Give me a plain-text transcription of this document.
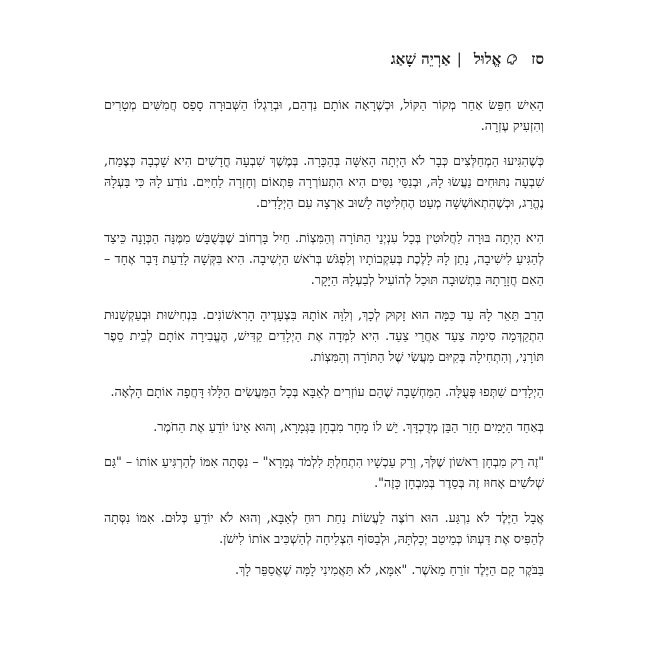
סז
אֱלוּל
|
אַרְיֵה שָׁאַג

הָאִישׁ חִפֵּשׂ אַחַר מְקוֹר הַקּוֹל, וּכְשֶׁרָאָה אוֹתָם נִדְהַם, וּבְרַגְלוֹ הַשְּׁבוּרָה סָפַס חֲמִשִּׁים מְטָרִים וְהִזְעִיק עֶזְרָה.

כְּשֶׁהִגִּיעוּ הַמְחַלְּצִים כְּבָר לֹא הָיְתָה הָאִשָּׁה בְּהַכָּרָה. בְּמֶשֶׁךְ שִׁבְעָה חֳדָשִׁים הִיא שָׁכְבָה כְּצֶמַח, שִׁבְעָה נִתּוּחִים נַעֲשׂוּ לָהּ, וּבְנִסֵּי נִסִּים הִיא הִתְעוֹרְרָה פִּתְאוֹם וְחָזְרָה לַחַיִּים. נוֹדַע לָהּ כִּי בַּעְלָהּ נֶהֱרַג, וּכְשֶׁהִתְאוֹשְׁשָׁה מְעַט הֶחְלִיטָה לָשׁוּב אַרְצָה עִם הַיְלָדִים.

הִיא הָיְתָה בּוּרָה לַחֲלוּטִין בְּכָל עִנְיְנֵי הַתּוֹרָה וְהַמִּצְוֹת. חַיִל בָּרְחוֹב שֶׁבְּשֻׁבָּשׁ מִמֶּנָּה הַכְּוָנָה כֵּיצַד לְהַגִּיעַ לִישִׁיבָה, נָתַן לָהּ לָלֶכֶת בְּעִקְבוֹתָיו וְלִפְגֹּשׁ בְּרֹאשׁ הַיְשִׁיבָה. הִיא בִּקְּשָׁה לָדַעַת דָּבָר אֶחָד – הַאִם חֲזָרָתָהּ בִּתְשׁוּבָה תּוּכַל לְהוֹעִיל לְבַעְלָהּ הַיָּקָר.

הָרַב תֵּאֵר לָהּ עַד כַּמָּה הוּא זָקוּק לְכָךְ, וְלִוָּה אוֹתָהּ בִּצְעָדֶיהָ הָרִאשׁוֹנִים. בִּנְחִישׁוּת וּבְעַקְשָׁנוּת הִתְקַדְּמָה סִימָה צַעַד אַחֲרֵי צַעַד. הִיא לִמְּדָה אֶת הַיְלָדִים קַדִּישׁ, הֶעֱבִירָה אוֹתָם לְבֵית סֵפֶר תּוֹרָנִי, וְהִתְחִילָה בְּקִיּוּם מַעֲשִׂי שֶׁל הַתּוֹרָה וְהַמִּצְוֹת.

הַיְלָדִים שִׁתְּפוּ פְּעֻלָּה. הַמַּחְשָׁבָה שֶׁהֵם עוֹזְרִים לְאַבָּא בְּכָל הַמַּעֲשִׂים הַלָּלוּ דָּחֲפָה אוֹתָם הָלְאָה.

בְּאַחַד הַיָּמִים חָזַר הַבֵּן מְדֻכְדָּךְ. יֵשׁ לוֹ מָחָר מִבְחָן בַּגְּמָרָא, וְהוּא אֵינוֹ יוֹדֵעַ אֶת הַחֹמֶר.

"זֶה רַק מִבְחָן רִאשׁוֹן שֶׁלְּךָ, וְרַק עַכְשָׁיו הִתְחַלְתָּ לִלְמֹד גְּמָרָא" – נִסְּתָה אִמּוֹ לְהַרְגִּיעַ אוֹתוֹ – "גַּם שְׁלֹשִׁים אָחוּז זֶה בְּסֵדֶר בְּמִבְחָן כָּזֶה".

אֲבָל הַיֶּלֶד לֹא נִרְגַּע. הוּא רוֹצֶה לַעֲשׂוֹת נַחַת רוּחַ לְאַבָּא, וְהוּא לֹא יוֹדֵעַ כְּלוּם. אִמּוֹ נִסְּתָה לְהַפִּיס אֶת דַּעְתּוֹ כְּמֵיטַב יְכָלְתָּהּ, וּלְבַסּוֹף הִצְלִיחָה לְהַשְׁכִּיב אוֹתוֹ לִישֹׁן.

בַּבֹּקֶר קָם הַיֶּלֶד זוֹרֵחַ מֵאֹשֶׁר. "אִמָּא, לֹא תַּאֲמִינִי לָמָּה שֶׁאֲסַפֵּר לָךְ.
